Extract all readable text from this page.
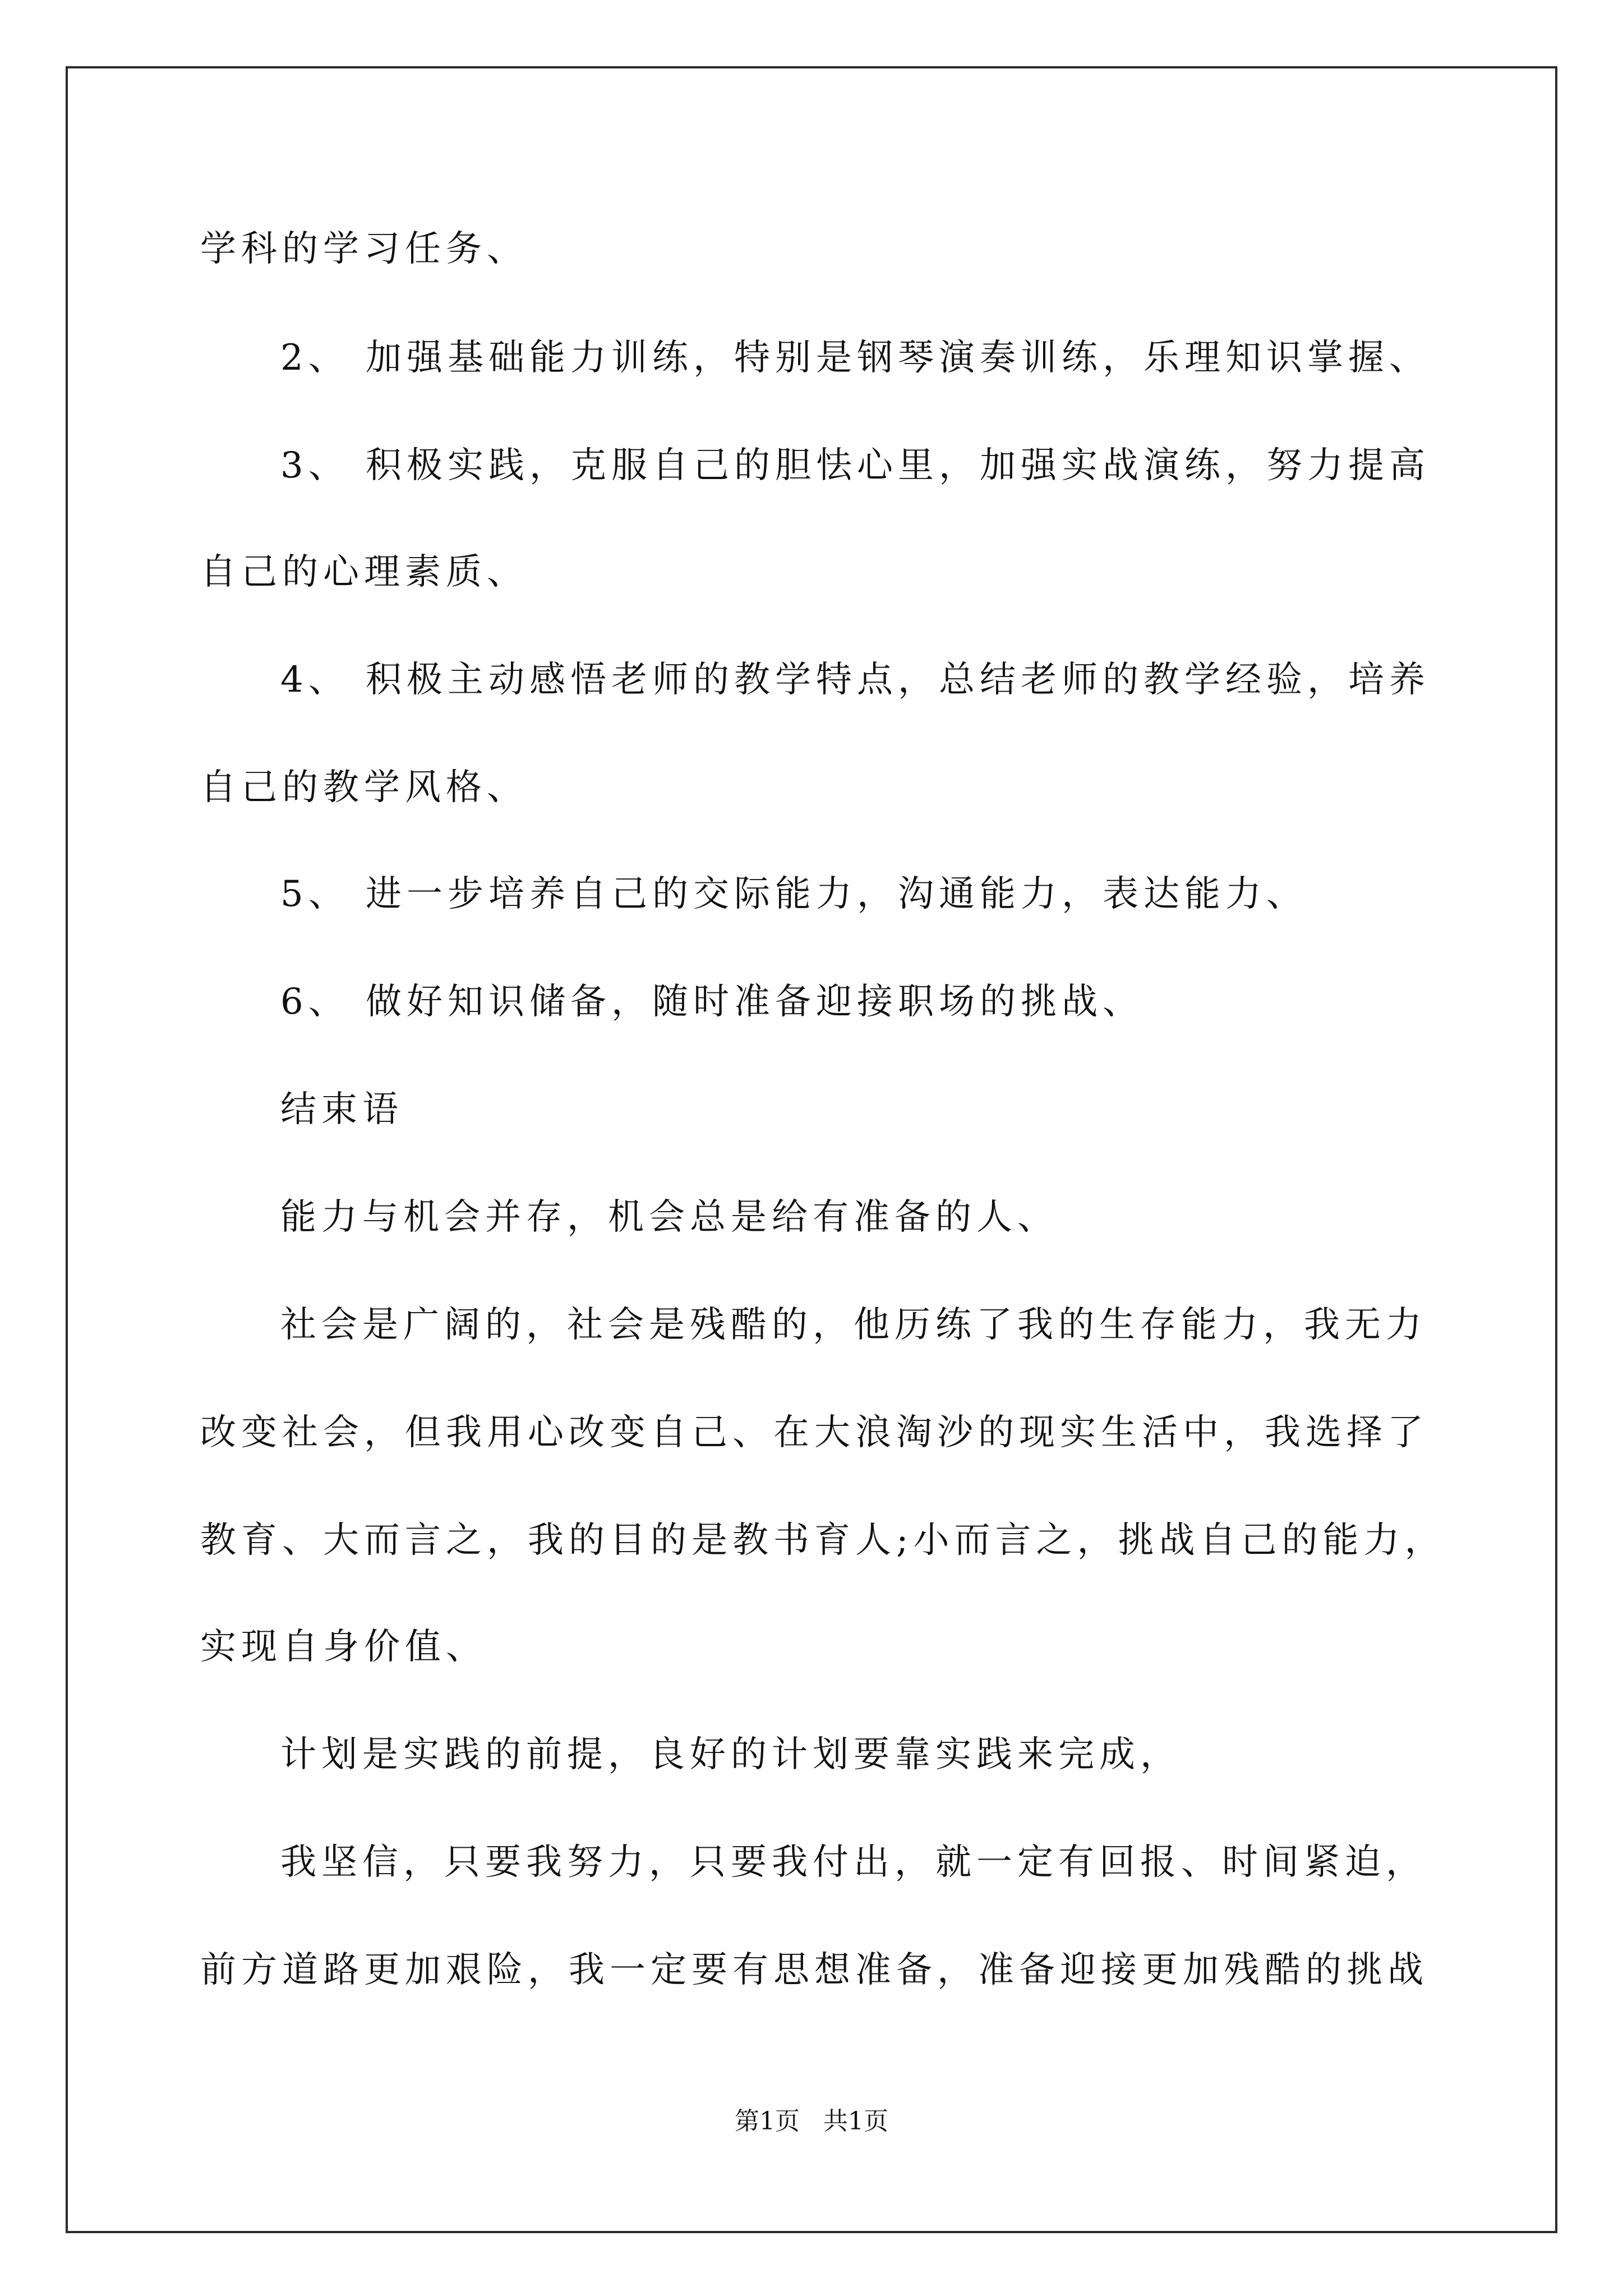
学科的学习任务、
2、 加强基础能力训练，特别是钢琴演奏训练，乐理知识掌握、
3、 积极实践，克服自己的胆怯心里，加强实战演练，努力提高
自己的心理素质、
4、 积极主动感悟老师的教学特点，总结老师的教学经验，培养
自己的教学风格、
5、 进一步培养自己的交际能力，沟通能力，表达能力、
6、 做好知识储备，随时准备迎接职场的挑战、
结束语
能力与机会并存，机会总是给有准备的人、
社会是广阔的，社会是残酷的，他历练了我的生存能力，我无力
改变社会，但我用心改变自己、在大浪淘沙的现实生活中，我选择了
教育、大而言之，我的目的是教书育人;小而言之，挑战自己的能力，
实现自身价值、
计划是实践的前提，良好的计划要靠实践来完成，
我坚信，只要我努力，只要我付出，就一定有回报、时间紧迫，
前方道路更加艰险，我一定要有思想准备，准备迎接更加残酷的挑战
第1页   共1页
